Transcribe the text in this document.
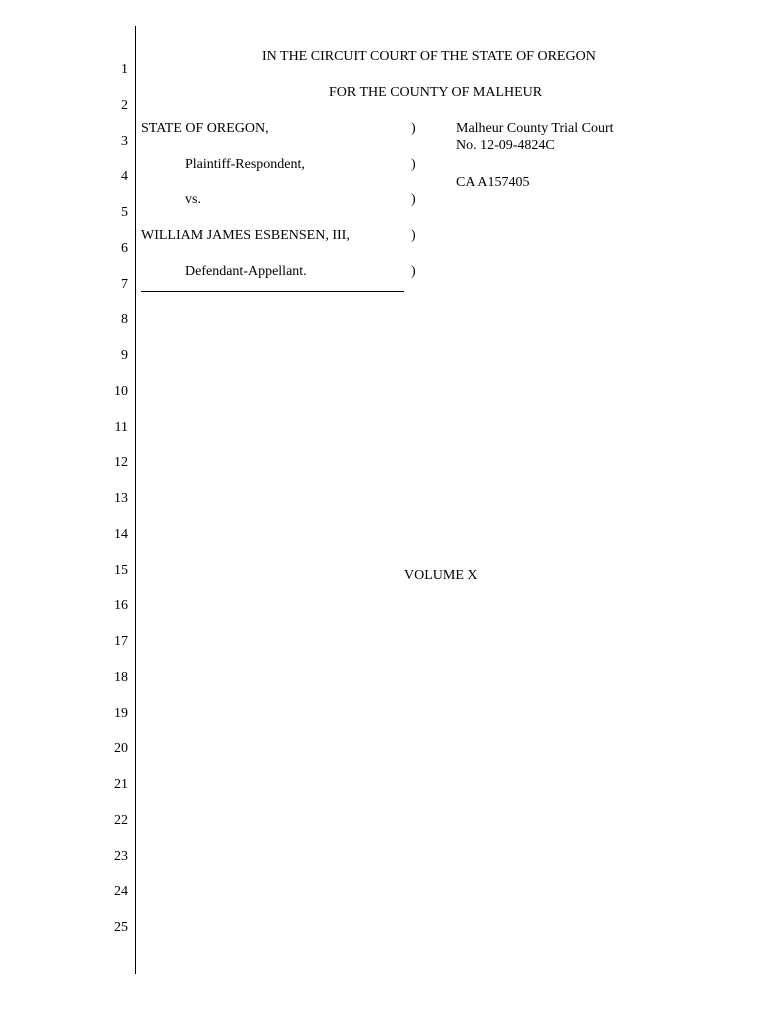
1
2
3
4
5
6
7
8
9
10
11
12
13
14
15
16
17
18
19
20
21
22
23
24
25
IN THE CIRCUIT COURT OF THE STATE OF OREGON
FOR THE COUNTY OF MALHEUR
STATE OF OREGON,
Plaintiff-Respondent,
vs.
WILLIAM JAMES ESBENSEN, III,
Defendant-Appellant.
)
)
)
)
)
Malheur County Trial Court
No. 12-09-4824C
CA A157405
VOLUME X
